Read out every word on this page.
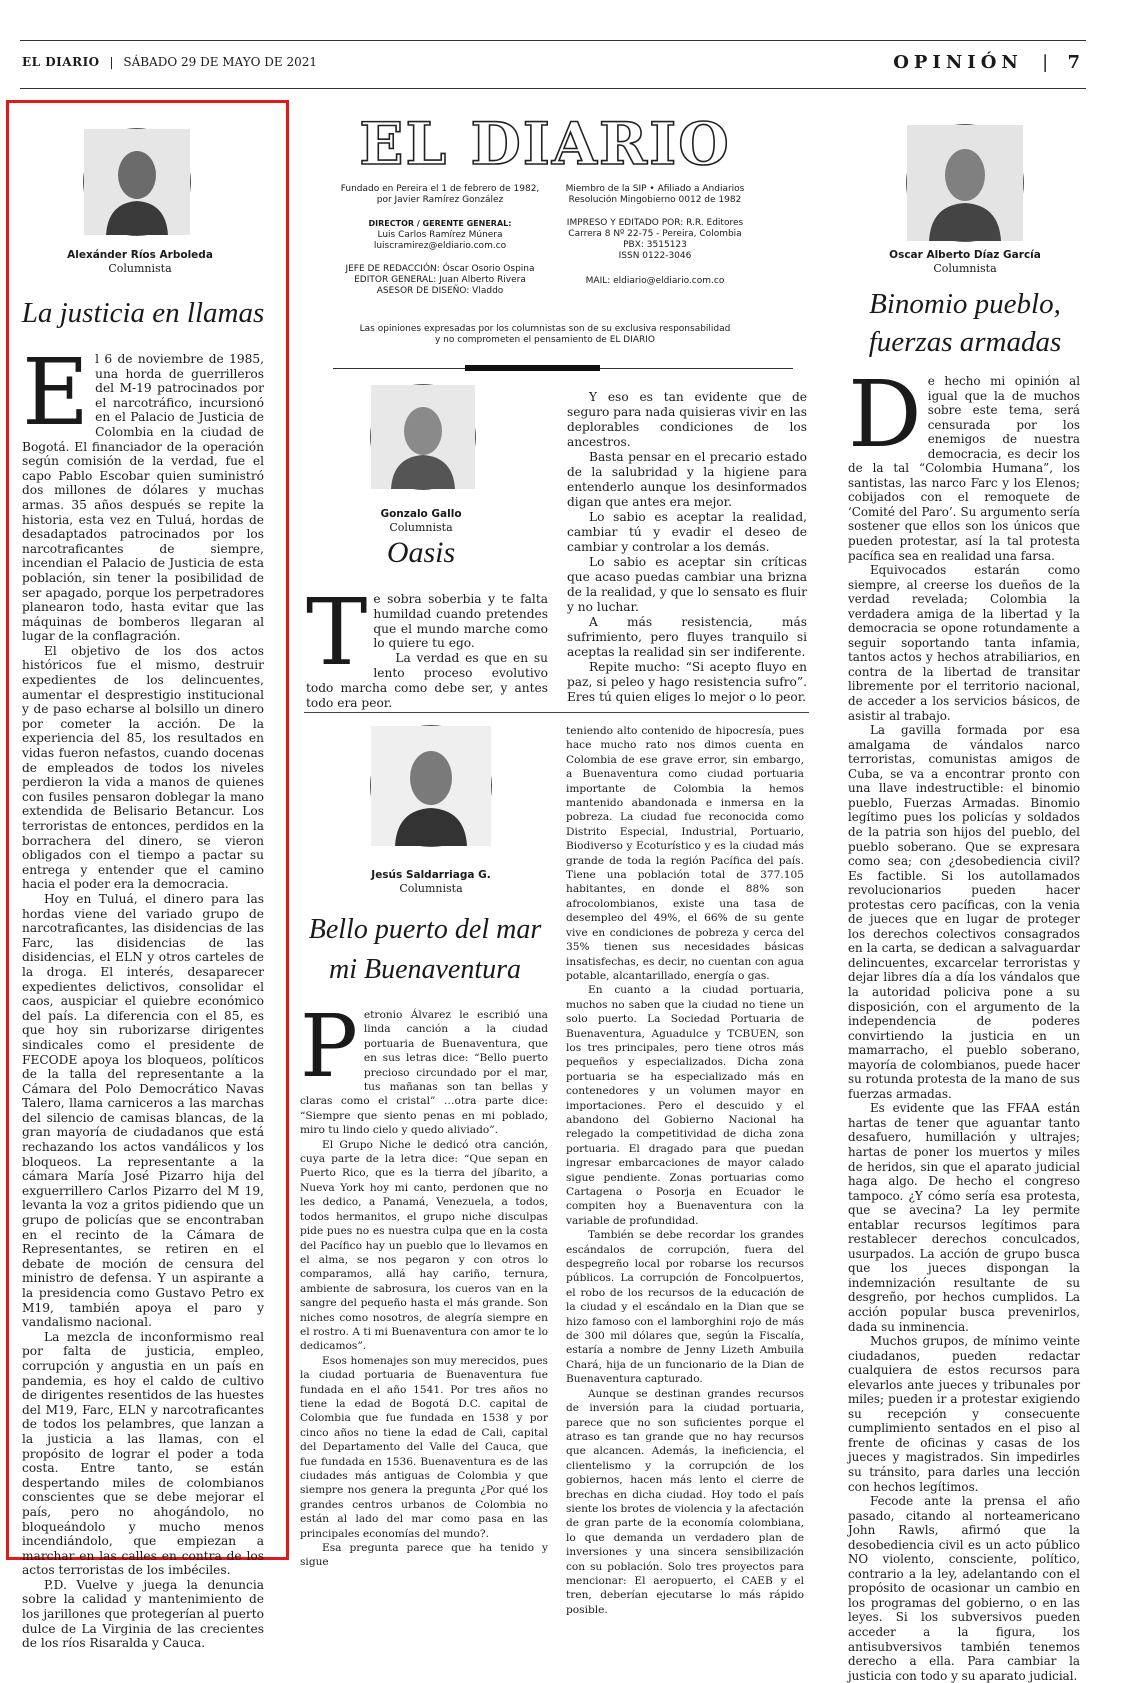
EL DIARIO | SÁBADO 29 DE MAYO DE 2021	OPINIÓN | 7
Alexánder Ríos Arboleda
Columnista
La justicia en llamas

El 6 de noviembre de 1985, una horda de guerrilleros del M-19 patrocinados por el narcotráfico, incursionó en el Palacio de Justicia de Colombia en la ciudad de Bogotá. El financiador de la operación según comisión de la verdad, fue el capo Pablo Escobar quien suministró dos millones de dólares y muchas armas. 35 años después se repite la historia, esta vez en Tuluá, hordas de desadaptados patrocinados por los narcotraficantes de siempre, incendian el Palacio de Justicia de esta población, sin tener la posibilidad de ser apagado, porque los perpetradores planearon todo, hasta evitar que las máquinas de bomberos llegaran al lugar de la conflagración.

El objetivo de los dos actos históricos fue el mismo, destruir expedientes de los delincuentes, aumentar el desprestigio institucional y de paso echarse al bolsillo un dinero por cometer la acción. De la experiencia del 85, los resultados en vidas fueron nefastos, cuando docenas de empleados de todos los niveles perdieron la vida a manos de quienes con fusiles pensaron doblegar la mano extendida de Belisario Betancur. Los terroristas de entonces, perdidos en la borrachera del dinero, se vieron obligados con el tiempo a pactar su entrega y entender que el camino hacia el poder era la democracia.

Hoy en Tuluá, el dinero para las hordas viene del variado grupo de narcotraficantes, las disidencias de las Farc, las disidencias de las disidencias, el ELN y otros carteles de la droga. El interés, desaparecer expedientes delictivos, consolidar el caos, auspiciar el quiebre económico del país. La diferencia con el 85, es que hoy sin ruborizarse dirigentes sindicales como el presidente de FECODE apoya los bloqueos, políticos de la talla del representante a la Cámara del Polo Democrático Navas Talero, llama carniceros a las marchas del silencio de camisas blancas, de la gran mayoría de ciudadanos que está rechazando los actos vandálicos y los bloqueos. La representante a la cámara María José Pizarro hija del exguerrillero Carlos Pizarro del M 19, levanta la voz a gritos pidiendo que un grupo de policías que se encontraban en el recinto de la Cámara de Representantes, se retiren en el debate de moción de censura del ministro de defensa. Y un aspirante a la presidencia como Gustavo Petro ex M19, también apoya el paro y vandalismo nacional.

La mezcla de inconformismo real por falta de justicia, empleo, corrupción y angustia en un país en pandemia, es hoy el caldo de cultivo de dirigentes resentidos de las huestes del M19, Farc, ELN y narcotraficantes de todos los pelambres, que lanzan a la justicia a las llamas, con el propósito de lograr el poder a toda costa. Entre tanto, se están despertando miles de colombianos conscientes que se debe mejorar el país, pero no ahogándolo, no bloqueándolo y mucho menos incendiándolo, que empiezan a marchar en las calles en contra de los actos terroristas de los imbéciles.

P.D. Vuelve y juega la denuncia sobre la calidad y mantenimiento de los jarillones que protegerían al puerto dulce de La Virginia de las crecientes de los ríos Risaralda y Cauca.

EL DIARIO
Fundado en Pereira el 1 de febrero de 1982,
por Javier Ramírez González
DIRECTOR / GERENTE GENERAL:
Luis Carlos Ramírez Múnera
luiscramirez@eldiario.com.co
JEFE DE REDACCIÓN: Óscar Osorio Ospina
EDITOR GENERAL: Juan Alberto Rivera
ASESOR DE DISEÑO: Vladdo
Miembro de la SIP • Afiliado a Andiarios
Resolución Mingobierno 0012 de 1982
IMPRESO Y EDITADO POR: R.R. Editores
Carrera 8 Nº 22-75 - Pereira, Colombia
PBX: 3515123
ISSN 0122-3046
MAIL: eldiario@eldiario.com.co
Las opiniones expresadas por los columnistas son de su exclusiva responsabilidad
y no comprometen el pensamiento de EL DIARIO
Gonzalo Gallo
Columnista
Oasis

Te sobra soberbia y te falta humildad cuando pretendes que el mundo marche como lo quiere tu ego.

La verdad es que en su lento proceso evolutivo todo marcha como debe ser, y antes todo era peor.

Y eso es tan evidente que de seguro para nada quisieras vivir en las deplorables condiciones de los ancestros.

Basta pensar en el precario estado de la salubridad y la higiene para entenderlo aunque los desinformados digan que antes era mejor.

Lo sabio es aceptar la realidad, cambiar tú y evadir el deseo de cambiar y controlar a los demás.

Lo sabio es aceptar sin críticas que acaso puedas cambiar una brizna de la realidad, y que lo sensato es fluir y no luchar.

A más resistencia, más sufrimiento, pero fluyes tranquilo si aceptas la realidad sin ser indiferente.

Repite mucho: “Si acepto fluyo en paz, si peleo y hago resistencia sufro”. Eres tú quien eliges lo mejor o lo peor.

Jesús Saldarriaga G.
Columnista
Bello puerto del mar
mi Buenaventura

Petronio Álvarez le escribió una linda canción a la ciudad portuaria de Buenaventura, que en sus letras dice: “Bello puerto precioso circundado por el mar, tus mañanas son tan bellas y claras como el cristal” …otra parte dice: “Siempre que siento penas en mi poblado, miro tu lindo cielo y quedo aliviado”.

El Grupo Niche le dedicó otra canción, cuya parte de la letra dice: “Que sepan en Puerto Rico, que es la tierra del jíbarito, a Nueva York hoy mi canto, perdonen que no les dedico, a Panamá, Venezuela, a todos, todos hermanitos, el grupo niche disculpas pide pues no es nuestra culpa que en la costa del Pacífico hay un pueblo que lo llevamos en el alma, se nos pegaron y con otros lo comparamos, allá hay cariño, ternura, ambiente de sabrosura, los cueros van en la sangre del pequeño hasta el más grande. Son niches como nosotros, de alegría siempre en el rostro. A ti mi Buenaventura con amor te lo dedicamos”.

Esos homenajes son muy merecidos, pues la ciudad portuaria de Buenaventura fue fundada en el año 1541. Por tres años no tiene la edad de Bogotá D.C. capital de Colombia que fue fundada en 1538 y por cinco años no tiene la edad de Cali, capital del Departamento del Valle del Cauca, que fue fundada en 1536. Buenaventura es de las ciudades más antiguas de Colombia y que siempre nos genera la pregunta ¿Por qué los grandes centros urbanos de Colombia no están al lado del mar como pasa en las principales economías del mundo?.

Esa pregunta parece que ha tenido y sigue

teniendo alto contenido de hipocresía, pues hace mucho rato nos dimos cuenta en Colombia de ese grave error, sin embargo, a Buenaventura como ciudad portuaria importante de Colombia la hemos mantenido abandonada e inmersa en la pobreza. La ciudad fue reconocida como Distrito Especial, Industrial, Portuario, Biodiverso y Ecoturístico y es la ciudad más grande de toda la región Pacífica del país. Tiene una población total de 377.105 habitantes, en donde el 88% son afrocolombianos, existe una tasa de desempleo del 49%, el 66% de su gente vive en condiciones de pobreza y cerca del 35% tienen sus necesidades básicas insatisfechas, es decir, no cuentan con agua potable, alcantarillado, energía o gas.

En cuanto a la ciudad portuaria, muchos no saben que la ciudad no tiene un solo puerto. La Sociedad Portuaria de Buenaventura, Aguadulce y TCBUEN, son los tres principales, pero tiene otros más pequeños y especializados. Dicha zona portuaria se ha especializado más en contenedores y un volumen mayor en importaciones. Pero el descuido y el abandono del Gobierno Nacional ha relegado la competitividad de dicha zona portuaria. El dragado para que puedan ingresar embarcaciones de mayor calado sigue pendiente. Zonas portuarias como Cartagena o Posorja en Ecuador le compiten hoy a Buenaventura con la variable de profundidad.

También se debe recordar los grandes escándalos de corrupción, fuera del despegreño local por robarse los recursos públicos. La corrupción de Foncolpuertos, el robo de los recursos de la educación de la ciudad y el escándalo en la Dian que se hizo famoso con el lamborghini rojo de más de 300 mil dólares que, según la Fiscalía, estaría a nombre de Jenny Lizeth Ambuila Chará, hija de un funcionario de la Dian de Buenaventura capturado.

Aunque se destinan grandes recursos de inversión para la ciudad portuaria, parece que no son suficientes porque el atraso es tan grande que no hay recursos que alcancen. Además, la ineficiencia, el clientelismo y la corrupción de los gobiernos, hacen más lento el cierre de brechas en dicha ciudad. Hoy todo el país siente los brotes de violencia y la afectación de gran parte de la economía colombiana, lo que demanda un verdadero plan de inversiones y una sincera sensibilización con su población. Solo tres proyectos para mencionar: El aeropuerto, el CAEB y el tren, deberían ejecutarse lo más rápido posible.

Oscar Alberto Díaz García
Columnista
Binomio pueblo,
fuerzas armadas

De hecho mi opinión al igual que la de muchos sobre este tema, será censurada por los enemigos de nuestra democracia, es decir los de la tal “Colombia Humana”, los santistas, las narco Farc y los Elenos; cobijados con el remoquete de ‘Comité del Paro’. Su argumento sería sostener que ellos son los únicos que pueden protestar, así la tal protesta pacífica sea en realidad una farsa.

Equivocados estarán como siempre, al creerse los dueños de la verdad revelada; Colombia la verdadera amiga de la libertad y la democracia se opone rotundamente a seguir soportando tanta infamia, tantos actos y hechos atrabiliarios, en contra de la libertad de transitar libremente por el territorio nacional, de acceder a los servicios básicos, de asistir al trabajo.

La gavilla formada por esa amalgama de vándalos narco terroristas, comunistas amigos de Cuba, se va a encontrar pronto con una llave indestructible: el binomio pueblo, Fuerzas Armadas. Binomio legítimo pues los policías y soldados de la patria son hijos del pueblo, del pueblo soberano. Que se expresara como sea; con ¿desobediencia civil? Es factible. Si los autollamados revolucionarios pueden hacer protestas cero pacíficas, con la venia de jueces que en lugar de proteger los derechos colectivos consagrados en la carta, se dedican a salvaguardar delincuentes, excarcelar terroristas y dejar libres día a día los vándalos que la autoridad policiva pone a su disposición, con el argumento de la independencia de poderes convirtiendo la justicia en un mamarracho, el pueblo soberano, mayoría de colombianos, puede hacer su rotunda protesta de la mano de sus fuerzas armadas.

Es evidente que las FFAA están hartas de tener que aguantar tanto desafuero, humillación y ultrajes; hartas de poner los muertos y miles de heridos, sin que el aparato judicial haga algo. De hecho el congreso tampoco. ¿Y cómo sería esa protesta, que se avecina? La ley permite entablar recursos legítimos para restablecer derechos conculcados, usurpados. La acción de grupo busca que los jueces dispongan la indemnización resultante de su desgreño, por hechos cumplidos. La acción popular busca prevenirlos, dada su inminencia.

Muchos grupos, de mínimo veinte ciudadanos, pueden redactar cualquiera de estos recursos para elevarlos ante jueces y tribunales por miles; pueden ir a protestar exigiendo su recepción y consecuente cumplimiento sentados en el piso al frente de oficinas y casas de los jueces y magistrados. Sin impedirles su tránsito, para darles una lección con hechos legítimos.

Fecode ante la prensa el año pasado, citando al norteamericano John Rawls, afirmó que la desobediencia civil es un acto público NO violento, consciente, político, contrario a la ley, adelantando con el propósito de ocasionar un cambio en los programas del gobierno, o en las leyes. Si los subversivos pueden acceder a la figura, los antisubversivos también tenemos derecho a ella. Para cambiar la justicia con todo y su aparato judicial.
